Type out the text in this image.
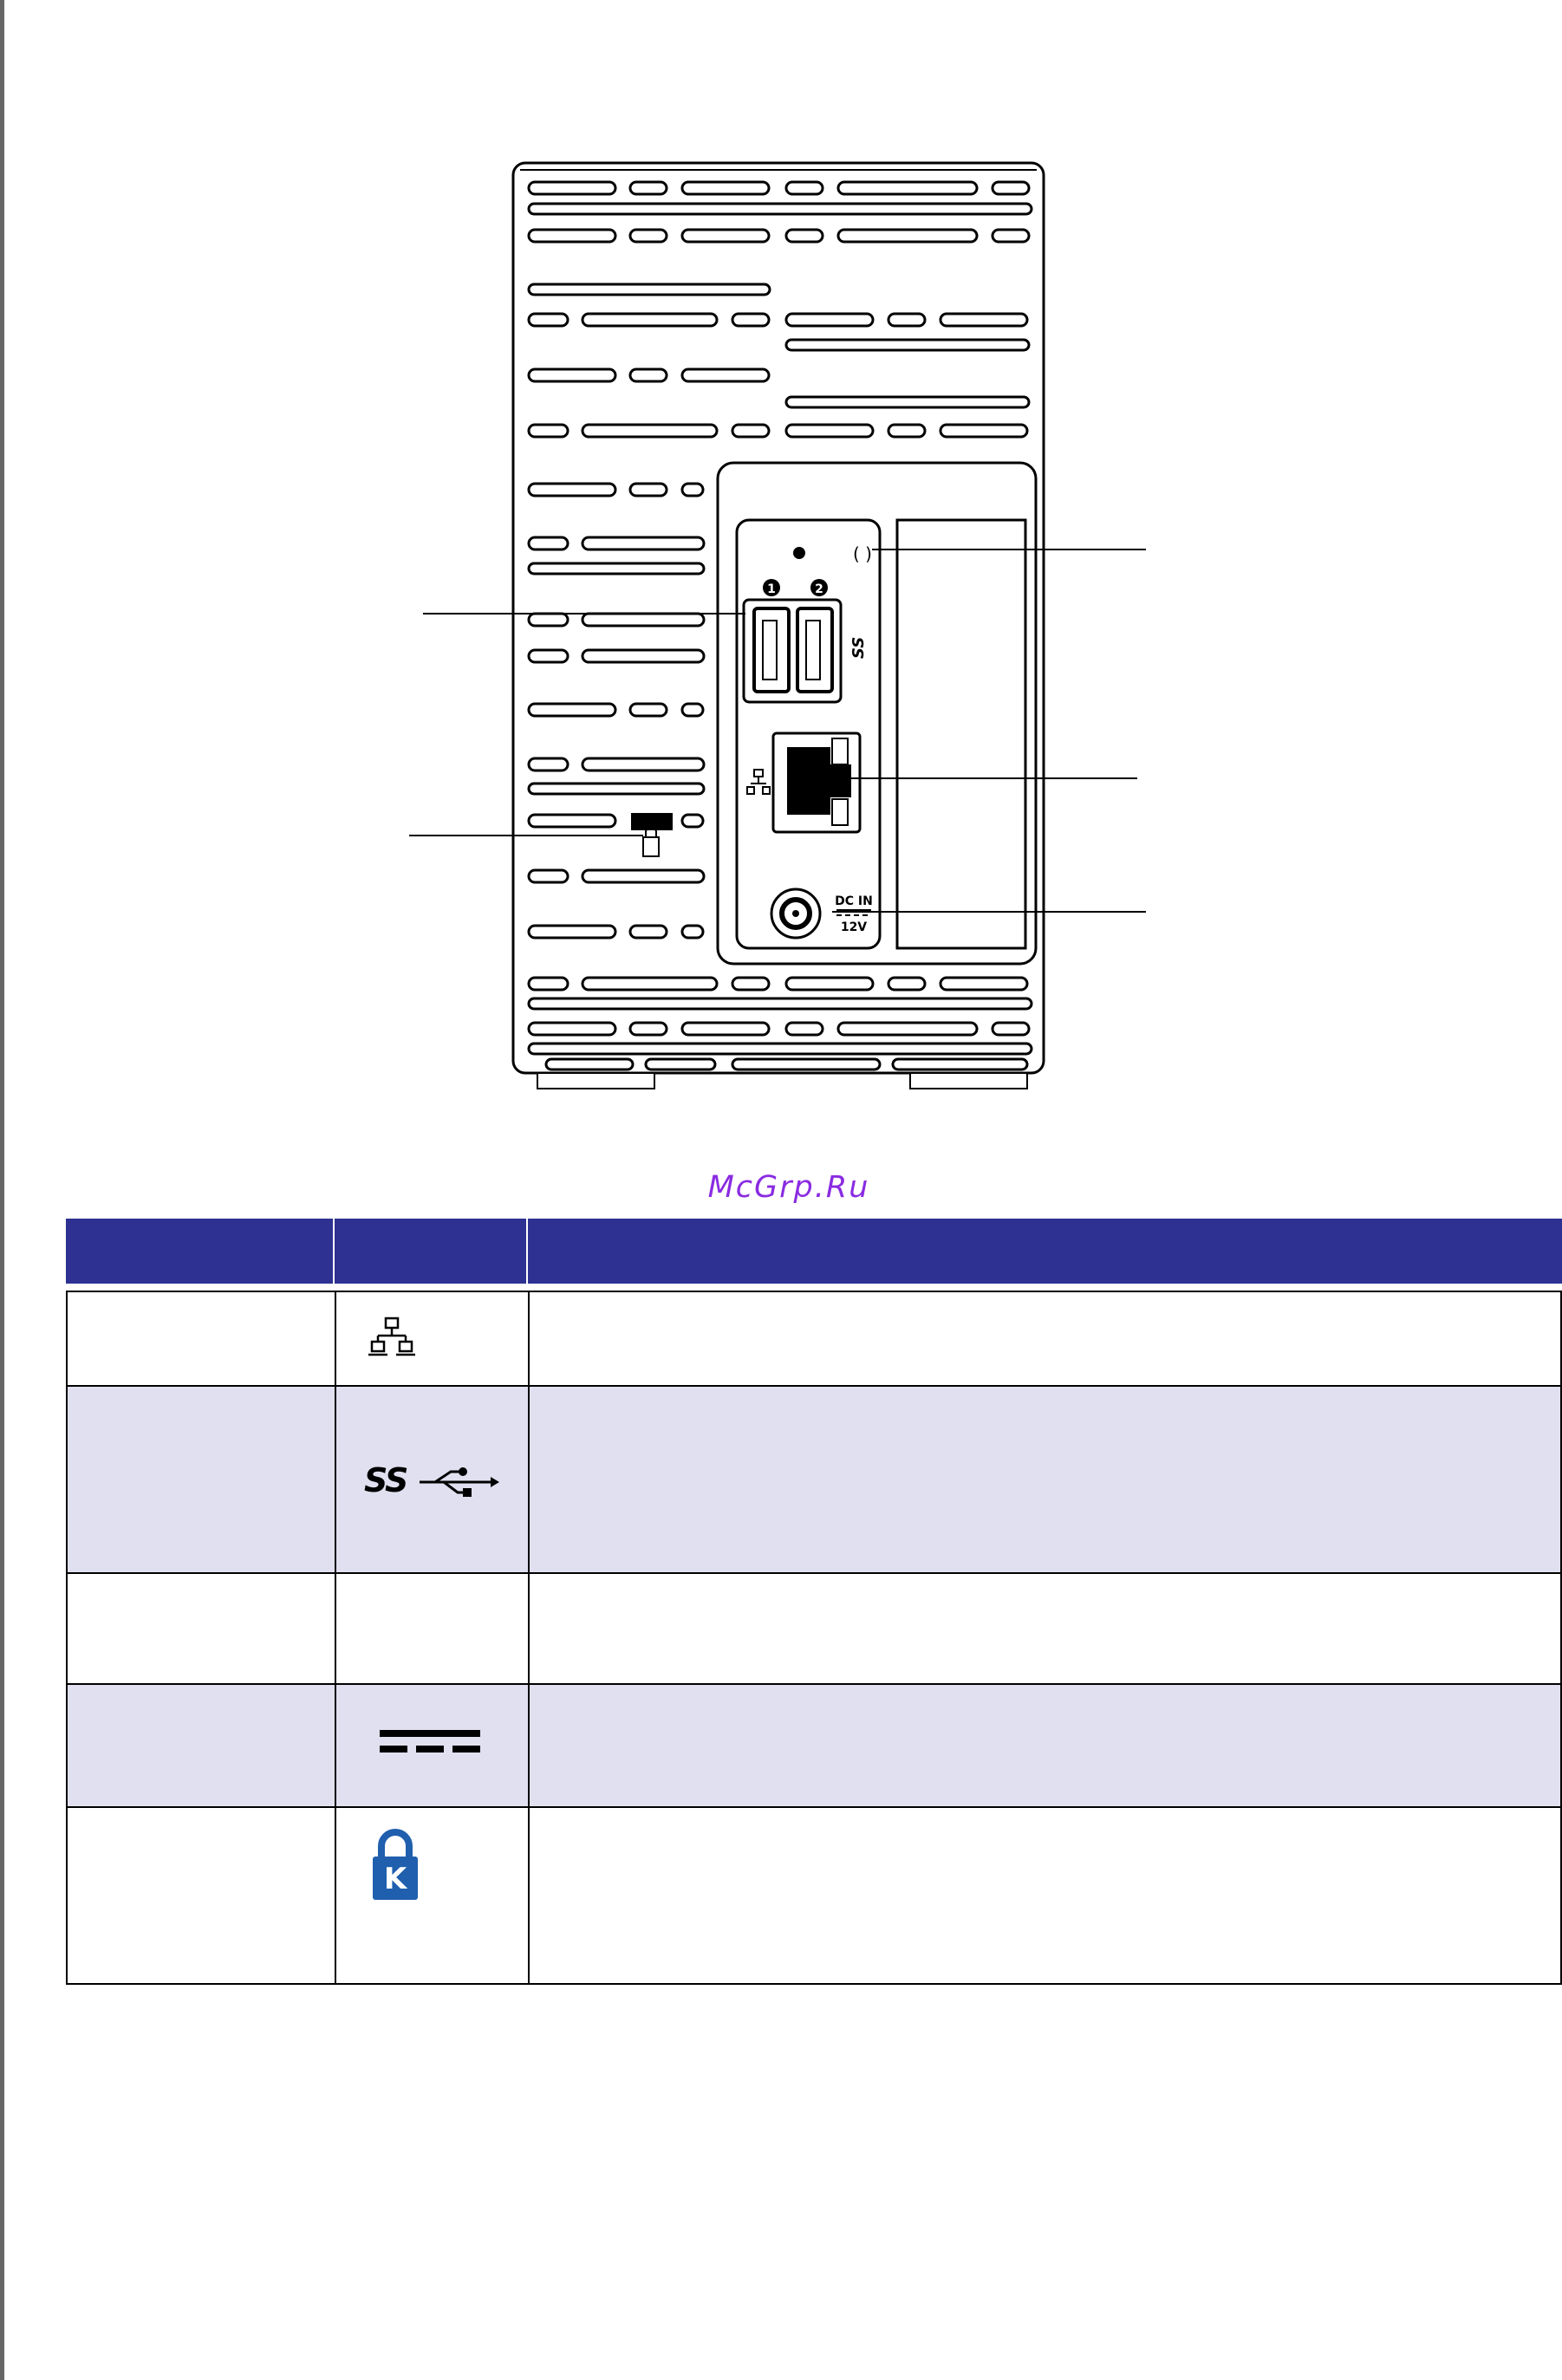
( )
1	2
SS
DC IN
12V
McGrp.Ru
SS
K
